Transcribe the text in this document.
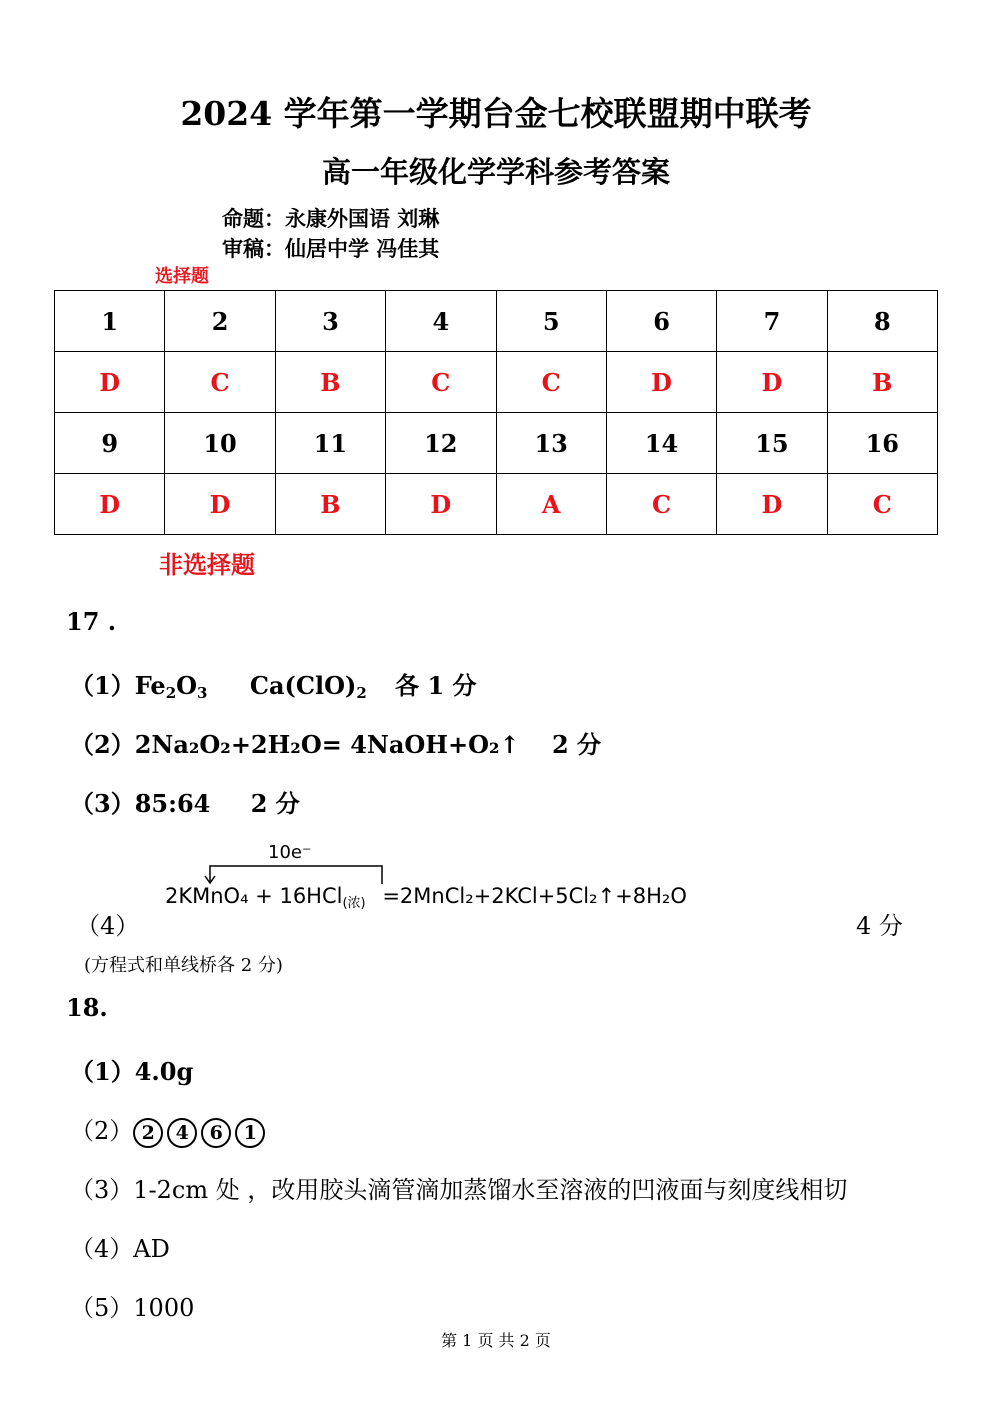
2024 学年第一学期台金七校联盟期中联考
高一年级化学学科参考答案
命题：永康外国语 刘琳
审稿：仙居中学 冯佳其
选择题
1	2	3	4	5	6	7	8
D	C	B	C	C	D	D	B
9	10	11	12	13	14	15	16
D	D	B	D	A	C	D	C
非选择题
17 .
$(1)Fe_2O_3$ $Ca(ClO)_2$ 各 1 分
（2）2Na₂O₂+2H₂O= 4NaOH+O₂↑ 2 分
（3）85:64 2 分
10e⁻
2KMnO₄ + 16HCl$_{(浓)}$ =2MnCl₂+2KCl+5Cl₂↑+8H₂O
（4）	4 分
(方程式和单线桥各 2 分)
18.
（1）4.0g
（2） 2 4 6 1
（3）1-2cm 处 ，改用胶头滴管滴加蒸馏水至溶液的凹液面与刻度线相切
（4）AD
（5）1000
第 1 页 共 2 页
